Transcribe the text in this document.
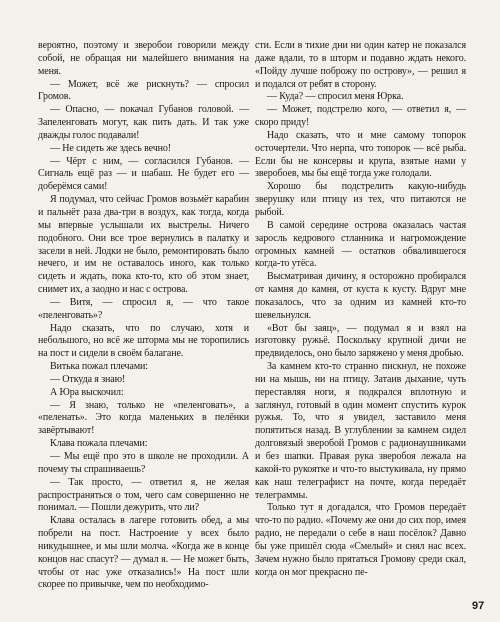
вероятно, поэтому и зверобои говорили между собой, не обращая ни малейшего внимания на меня.

— Может, всё же рискнуть? — спросил Громов.

— Опасно, — покачал Губанов головой. — Запеленговать могут, как пить дать. И так уже дважды голос подавали!

— Не сидеть же здесь вечно!

— Чёрт с ним, — согласился Губанов. — Сигналь ещё раз — и шабаш. Не будет его — доберёмся сами!

Я подумал, что сейчас Громов возьмёт карабин и пальнёт раза два-три в воздух, как тогда, когда мы впервые услышали их выстрелы. Ничего подобного. Они все трое вернулись в палатку и засели в ней. Лодки не было, ремонтировать было нечего, и им не оставалось иного, как только сидеть и ждать, пока кто-то, кто об этом знает, снимет их, а заодно и нас с острова.

— Витя, — спросил я, — что такое «пеленговать»?

Надо сказать, что по случаю, хотя и небольшого, но всё же шторма мы не торопились на пост и сидели в своём балагане.

Витька пожал плечами:

— Откуда я знаю!

А Юра выскочил:

— Я знаю, только не «пеленговать», а «пеленать». Это когда маленьких в пелёнки завёртывают!

Клава пожала плечами:

— Мы ещё про это в школе не проходили. А почему ты спрашиваешь?

— Так просто, — ответил я, не желая распространяться о том, чего сам совершенно не понимал. — Пошли дежурить, что ли?

Клава осталась в лагере готовить обед, а мы побрели на пост. Настроение у всех было никудышнее, и мы шли молча. «Когда же в конце концов нас спасут? — думал я. — Не может быть, чтобы от нас уже отказались!» На пост шли скорее по привычке, чем по необходимо-

сти. Если в тихие дни ни один катер не показался даже вдали, то в шторм и подавно ждать некого. «Пойду лучше поброжу по острову», — решил я и подался от ребят в сторону.

— Куда? — спросил меня Юрка.

— Может, подстрелю кого, — ответил я, — скоро приду!

Надо сказать, что и мне самому топорок осточертели. Что нерпа, что топорок — всё рыба. Если бы не консервы и крупа, взятые нами у зверобоев, мы бы ещё тогда уже голодали.

Хорошо бы подстрелить какую-нибудь зверушку или птицу из тех, что питаются не рыбой.

В самой середине острова оказалась частая заросль кедрового стланника и нагромождение огромных камней — остатков обвалившегося когда-то утёса.

Высматривая дичину, я осторожно пробирался от камня до камня, от куста к кусту. Вдруг мне показалось, что за одним из камней кто-то шевельнулся.

«Вот бы заяц», — подумал я и взял на изготовку ружьё. Поскольку крупной дичи не предвиделось, оно было заряжено у меня дробью.

За камнем кто-то странно пискнул, не похоже ни на мышь, ни на птицу. Затаив дыхание, чуть переставляя ноги, я подкрался вплотную и заглянул, готовый в один момент спустить курок ружья. То, что я увидел, заставило меня попятиться назад. В углублении за камнем сидел долговязый зверобой Громов с радионаушниками и без шапки. Правая рука зверобоя лежала на какой-то рукоятке и что-то выстукивала, ну прямо как наш телеграфист на почте, когда передаёт телеграммы.

Только тут я догадался, что Громов передаёт что-то по радио. «Почему же они до сих пор, имея радио, не передали о себе в наш посёлок? Давно бы уже пришёл сюда «Смелый» и снял нас всех. Зачем нужно было прятаться Громову среди скал, когда он мог прекрасно пе-

97
